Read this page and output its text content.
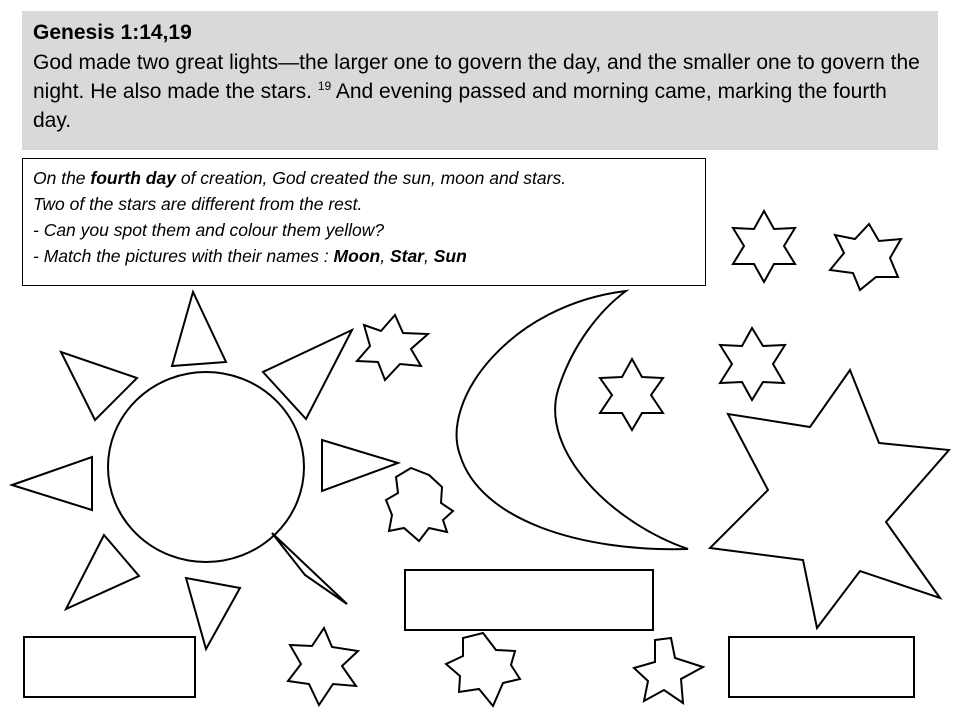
Genesis 1:14,19

God made two great lights—the larger one to govern the day, and the smaller one to govern the night. He also made the stars. $^{19}$ And evening passed and morning came, marking the fourth day.

On the fourth day of creation, God created the sun, moon and stars.

Two of the stars are different from the rest.

- Can you spot them and colour them yellow?

- Match the pictures with their names : Moon, Star, Sun
